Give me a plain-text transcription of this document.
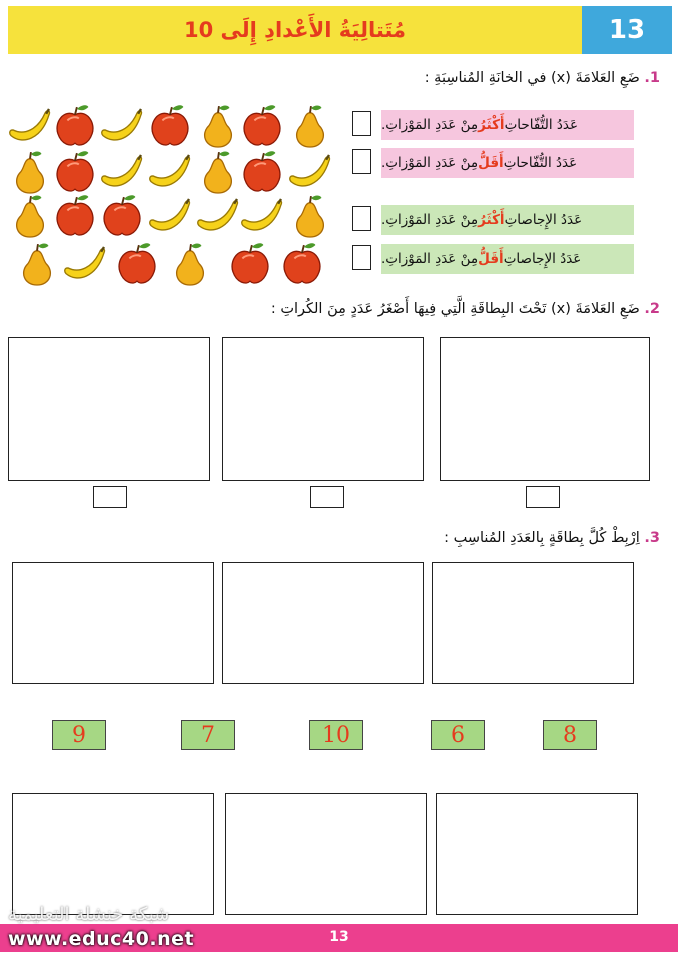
مُتَتالِيَةُ الأَعْدادِ إِلَى 10	13
1. ضَعِ العَلامَةَ (x) في الخانَةِ المُناسِبَةِ :
عَدَدُ التُّفّاحاتِ
أَكْثَرُ
مِنْ عَدَدِ المَوْزاتِ.
عَدَدُ التُّفّاحاتِ
أَقَلُّ
مِنْ عَدَدِ المَوْزاتِ.
عَدَدُ الإِجاصاتِ
أَكْثَرُ
مِنْ عَدَدِ المَوْزاتِ.
عَدَدُ الإِجاصاتِ
أَقَلُّ
مِنْ عَدَدِ المَوْزاتِ.
2. ضَعِ العَلامَةَ (x) تَحْتَ البِطاقَةِ الَّتِي فِيهَا أَصْغَرُ عَدَدٍ مِنَ الكُراتِ :
3. اِرْبِطْ كُلَّ بِطاقَةٍ بِالعَدَدِ المُناسِبِ :
9	7	10	6	8
13
شبكة خنشلة التعليمية
www.educ40.net
